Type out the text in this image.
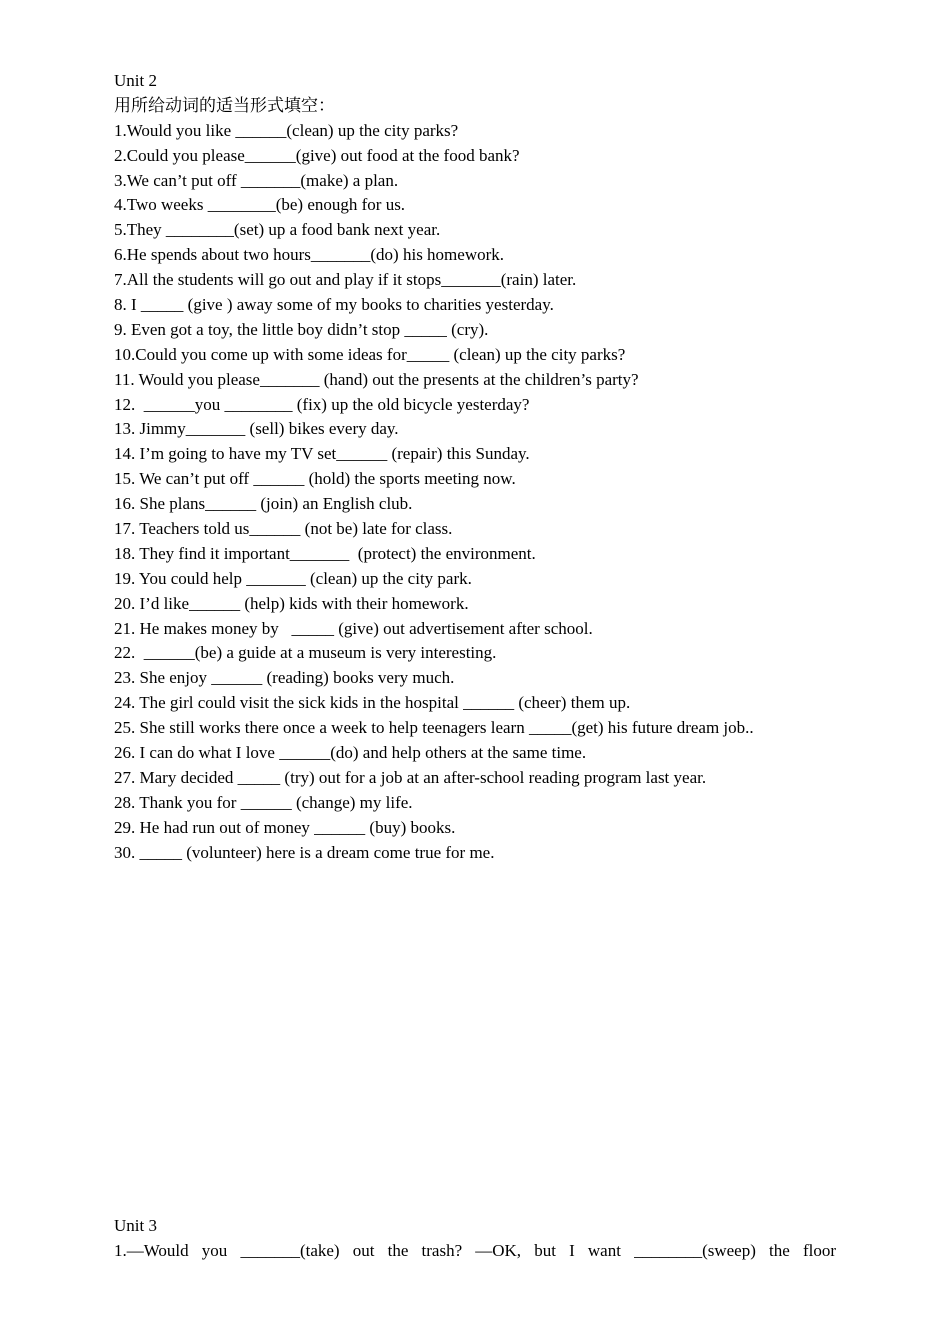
Unit 2
用所给动词的适当形式填空：
1.Would you like ______(clean) up the city parks?
2.Could you please______(give) out food at the food bank?
3.We can’t put off _______(make) a plan.
4.Two weeks ________(be) enough for us.
5.They ________(set) up a food bank next year.
6.He spends about two hours_______(do) his homework.
7.All the students will go out and play if it stops_______(rain) later.
8. I _____ (give ) away some of my books to charities yesterday.
9. Even got a toy, the little boy didn’t stop _____ (cry).
10.Could you come up with some ideas for_____ (clean) up the city parks?
11. Would you please_______ (hand) out the presents at the children’s party?
12.  ______you ________ (fix) up the old bicycle yesterday?
13. Jimmy_______ (sell) bikes every day.
14. I’m going to have my TV set______ (repair) this Sunday.
15. We can’t put off ______ (hold) the sports meeting now.
16. She plans______ (join) an English club.
17. Teachers told us______ (not be) late for class.
18. They find it important_______  (protect) the environment.
19. You could help _______ (clean) up the city park.
20. I’d like______ (help) kids with their homework.
21. He makes money by   _____ (give) out advertisement after school.
22.  ______(be) a guide at a museum is very interesting.
23. She enjoy ______ (reading) books very much.
24. The girl could visit the sick kids in the hospital ______ (cheer) them up.
25. She still works there once a week to help teenagers learn _____(get) his future dream job..
26. I can do what I love ______(do) and help others at the same time.
27. Mary decided _____ (try) out for a job at an after-school reading program last year.
28. Thank you for ______ (change) my life.
29. He had run out of money ______ (buy) books.
30. _____ (volunteer) here is a dream come true for me.
Unit 3
1.—Would you _______(take) out the trash? —OK, but I want ________(sweep) the floor
